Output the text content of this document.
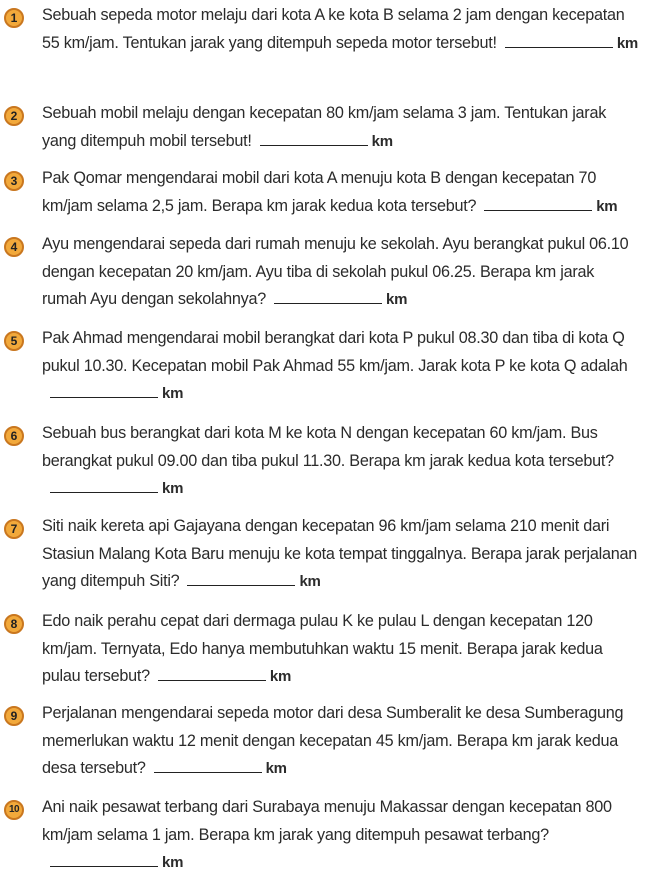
1	Sebuah sepeda motor melaju dari kota A ke kota B selama 2 jam dengan kecepatan 55 km/jam. Tentukan jarak yang ditempuh sepeda motor tersebut!	km
2	Sebuah mobil melaju dengan kecepatan 80 km/jam selama 3 jam. Tentukan jarak yang ditempuh mobil tersebut!	km
3	Pak Qomar mengendarai mobil dari kota A menuju kota B dengan kecepatan 70 km/jam selama 2,5 jam. Berapa km jarak kedua kota tersebut?	km
4	Ayu mengendarai sepeda dari rumah menuju ke sekolah. Ayu berangkat pukul 06.10 dengan kecepatan 20 km/jam. Ayu tiba di sekolah pukul 06.25. Berapa km jarak rumah Ayu dengan sekolahnya?	km
5	Pak Ahmad mengendarai mobil berangkat dari kota P pukul 08.30 dan tiba di kota Q pukul 10.30. Kecepatan mobil Pak Ahmad 55 km/jam. Jarak kota P ke kota Q adalahkm
6	Sebuah bus berangkat dari kota M ke kota N dengan kecepatan 60 km/jam. Bus berangkat pukul 09.00 dan tiba pukul 11.30. Berapa km jarak kedua kota tersebut?km
7	Siti naik kereta api Gajayana dengan kecepatan 96 km/jam selama 210 menit dari Stasiun Malang Kota Baru menuju ke kota tempat tinggalnya. Berapa jarak perjalanan yang ditempuh Siti?	km
8	Edo naik perahu cepat dari dermaga pulau K ke pulau L dengan kecepatan 120 km/jam. Ternyata, Edo hanya membutuhkan waktu 15 menit. Berapa jarak kedua pulau tersebut?	km
9	Perjalanan mengendarai sepeda motor dari desa Sumberalit ke desa Sumberagung memerlukan waktu 12 menit dengan kecepatan 45 km/jam. Berapa km jarak kedua desa tersebut?	km
10	Ani naik pesawat terbang dari Surabaya menuju Makassar dengan kecepatan 800 km/jam selama 1 jam. Berapa km jarak yang ditempuh pesawat terbang?km
